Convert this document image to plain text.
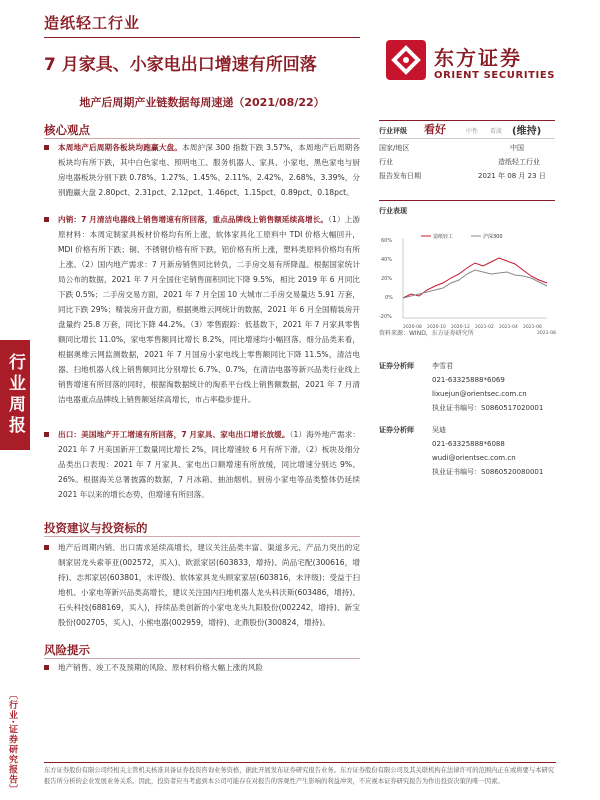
造纸轻工行业
7 月家具、小家电出口增速有所回落
地产后周期产业链数据每周速递（2021/08/22）
东方证券
ORIENT SECURITIES
行业周报
〔行业·证券研究报告〕
核心观点
本周地产后周期各板块均跑赢大盘。本周沪深 300 指数下跌 3.57%，本周地产后周期各板块均有所下跌，其中白色家电、照明电工、服务机器人、家具、小家电、黑色家电与厨房电器板块分别下跌 0.78%、1.27%、1.45%、2.11%、2.42%、2.68%、3.39%，分别跑赢大盘 2.80pct、2.31pct、2.12pct、1.46pct、1.15pct、0.89pct、0.18pct。
内销：7 月清洁电器线上销售增速有所回落，重点品牌线上销售额延续高增长。（1）上游原材料：本周定制家具板材价格均有所上涨，软体家具化工原料中 TDI 价格大幅回升，MDI 价格有所下跌；铜、不锈钢价格有所下跌，铝价格有所上涨，塑料类原料价格均有所上涨。（2）国内地产需求：7 月新房销售同比转负，二手房交易有所降温。根据国家统计局公布的数据，2021 年 7 月全国住宅销售面积同比下降 9.5%，相比 2019 年 6 月同比下跌 0.5%；二手房交易方面，2021 年 7 月全国 10 大城市二手房交易量达 5.91 万套，同比下跌 29%；精装房开盘方面，根据奥维云网统计的数据，2021 年 6 月全国精装房开盘量约 25.8 万套，同比下降 44.2%。（3）零售跟踪：低基数下，2021 年 7 月家具零售额同比增长 11.0%，家电零售额同比增长 8.2%，同比增速均小幅回落。细分品类来看，根据奥维云网监测数据，2021 年 7 月国房小家电线上零售额同比下降 11.5%，清洁电器、扫地机器人线上销售额同比分别增长 6.7%、0.7%，在清洁电器等新兴品类行业线上销售增速有所回落的同时，根据淘数据统计的淘系平台线上销售额数据，2021 年 7 月清洁电器重点品牌线上销售额延续高增长，市占率稳步提升。
出口：美国地产开工增速有所回落，7 月家具、家电出口增长放缓。（1）海外地产需求：2021 年 7 月美国新开工数量同比增长 2%，同比增速较 6 月有所下滑。（2）板块及细分品类出口表现：2021 年 7 月家具、家电出口额增速有所放缓，同比增速分别达 9%、26%。根据海关总署披露的数据，7 月冰箱、抽油烟机、厨房小家电等品类整体仍延续 2021 年以来的增长态势，但增速有所回落。
投资建议与投资标的
地产后周期内销、出口需求延续高增长，建议关注品类丰富、渠道多元、产品力突出的定制家居龙头索菲亚(002572，买入)、欧派家居(603833，增持)、尚品宅配(300616，增持)、志邦家居(603801，未评级)、软体家具龙头顾家家居(603816，未评级)；受益于扫地机、小家电等新兴品类高增长，建议关注国内扫地机器人龙头科沃斯(603486，增持)、石头科技(688169，买入)，持续品类创新的小家电龙头九阳股份(002242，增持)、新宝股份(002705，买入)、小熊电器(002959，增持)、北鼎股份(300824，增持)。
风险提示
地产销售、竣工不及预期的风险、原材料价格大幅上涨的风险
行业评级 看好	中性 看淡 (维持)
国家/地区	中国
行业	造纸轻工行业
报告发布日期	2021 年 08 月 23 日
行业表现
60%
40%
20%
0%
-20%
2020-08 2020-10 2020-12 2021-02 2021-04 2021-06
2021-08
造纸轻工	沪深300
资料来源：WIND，东方证券研究所
证券分析师	李雪君
021-63325888*6069
lixuejun@orientsec.com.cn
执业证书编号：S0860517020001
证券分析师	吴迪
021-63325888*6088
wudi@orientsec.com.cn
执业证书编号：S0860520080001
东方证券股份有限公司经相关主管机关核准具备证券投资咨询业务资格，据此开展发布证券研究报告业务。东方证券股份有限公司及其关联机构在法律许可的范围内正在或将要与本研究报告所分析的企业发展业务关系。因此，投资者应当考虑到本公司可能存在对报告的客观性产生影响的利益冲突，不应视本证券研究报告为作出投资决策的唯一因素。
